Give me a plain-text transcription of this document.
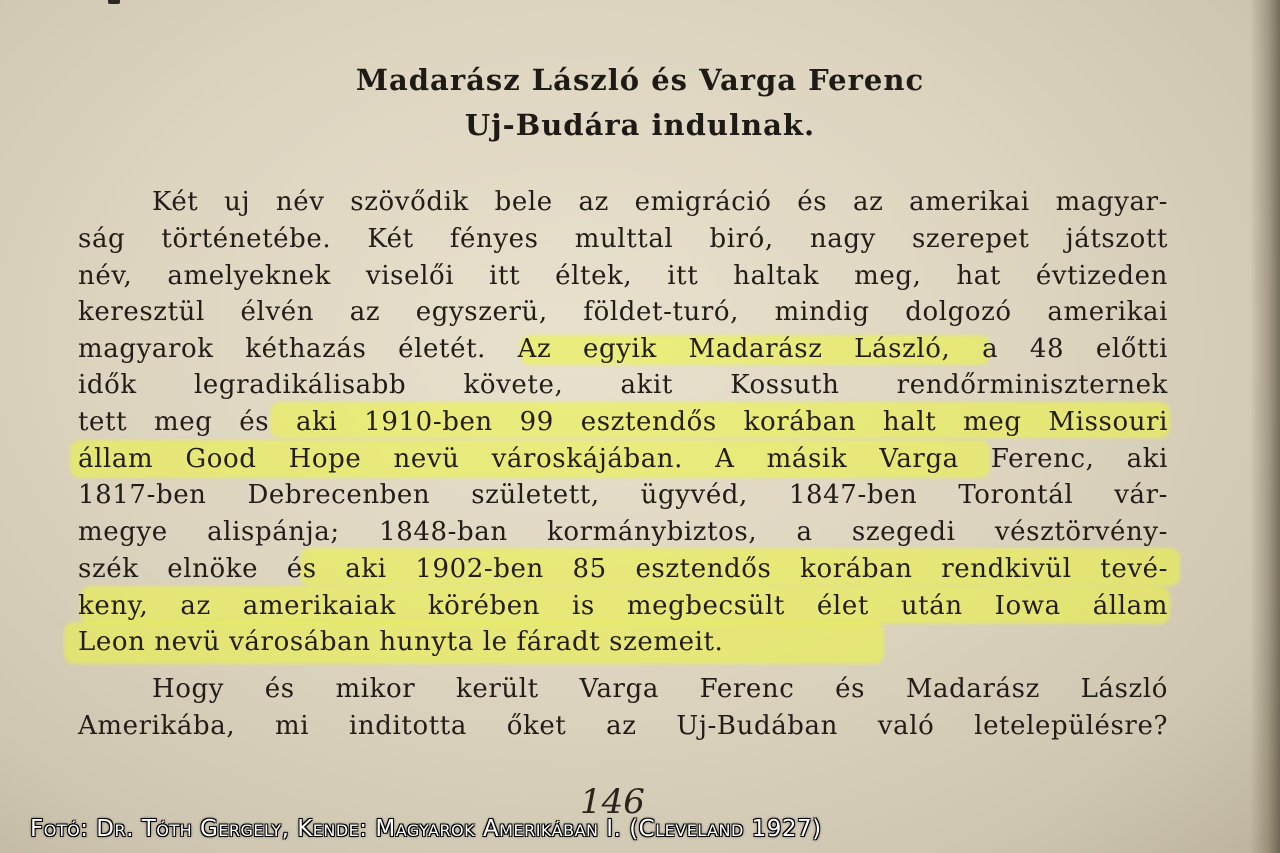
Madarász László és Varga Ferenc
Uj-Budára indulnak.
Két uj név szövődik bele az emigráció és az amerikai magyar-
ság történetébe. Két fényes multtal biró, nagy szerepet játszott
név, amelyeknek viselői itt éltek, itt haltak meg, hat évtizeden
keresztül élvén az egyszerü, földet-turó, mindig dolgozó amerikai
magyarok kéthazás életét. Az egyik Madarász László, a 48 előtti
idők legradikálisabb követe, akit Kossuth rendőrminiszternek
tett meg és aki 1910-ben 99 esztendős korában halt meg Missouri
állam Good Hope nevü városkájában. A másik Varga Ferenc, aki
1817-ben Debrecenben született, ügyvéd, 1847-ben Torontál vár-
megye alispánja; 1848-ban kormánybiztos, a szegedi vésztörvény-
szék elnöke és aki 1902-ben 85 esztendős korában rendkivül tevé-
keny, az amerikaiak körében is megbecsült élet után Iowa állam
Leon nevü városában hunyta le fáradt szemeit.
Hogy és mikor került Varga Ferenc és Madarász László
Amerikába, mi inditotta őket az Uj-Budában való letelepülésre?
146
Fotó: Dr. Tóth Gergely, Kende: Magyarok Amerikában I. (Cleveland 1927)
